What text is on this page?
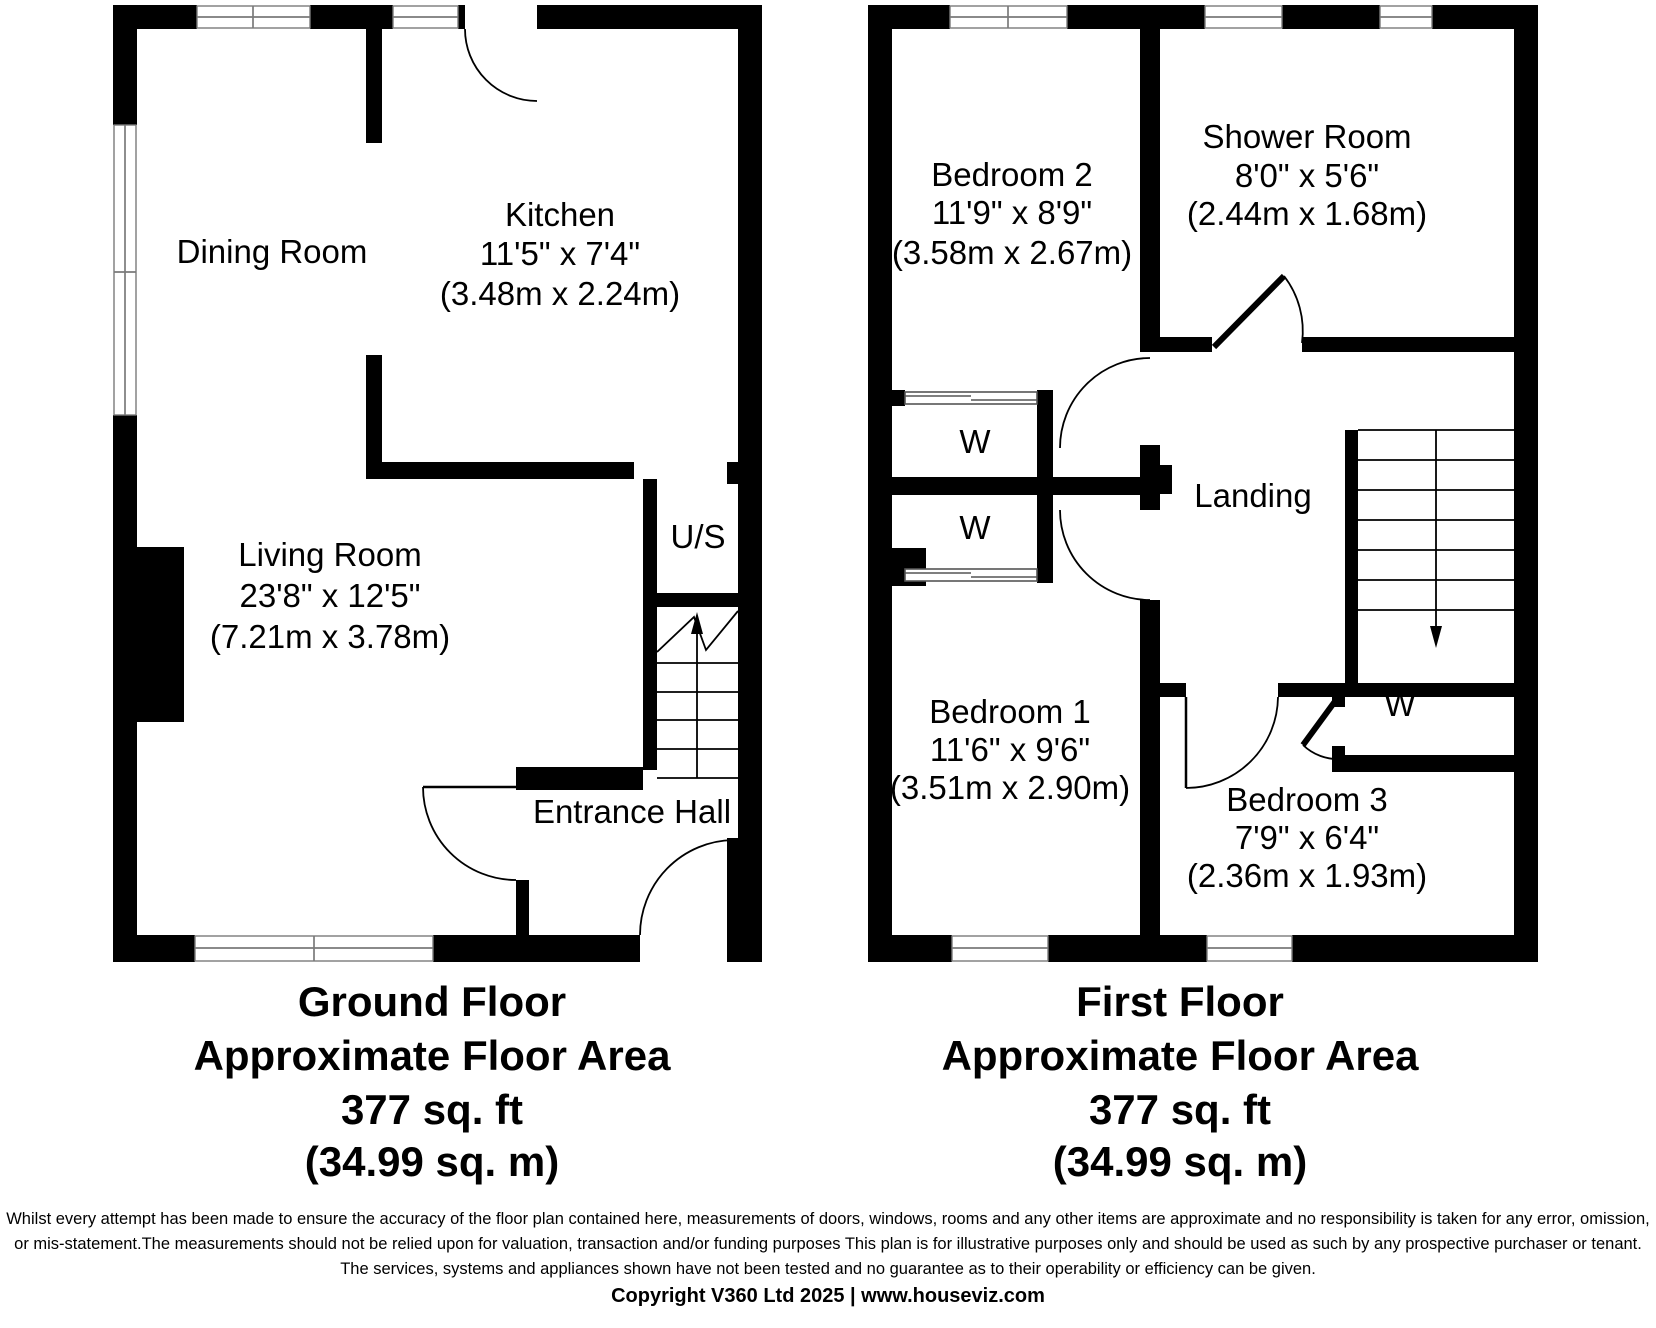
Dining Room
Kitchen
11'5" x 7'4"
(3.48m x 2.24m)
Living Room
23'8" x 12'5"
(7.21m x 3.78m)
U/S
Entrance Hall
Ground Floor
Approximate Floor Area
377 sq. ft
(34.99 sq. m)
Bedroom 2
11'9" x 8'9"
(3.58m x 2.67m)
Shower Room
8'0" x 5'6"
(2.44m x 1.68m)
W
W
Landing
Bedroom 1
11'6" x 9'6"
(3.51m x 2.90m)
W
Bedroom 3
7'9" x 6'4"
(2.36m x 1.93m)
First Floor
Approximate Floor Area
377 sq. ft
(34.99 sq. m)
Whilst every attempt has been made to ensure the accuracy of the floor plan contained here, measurements of doors, windows, rooms and any other items are approximate and no responsibility is taken for any error, omission,
or mis-statement.The measurements should not be relied upon for valuation, transaction and/or funding purposes This plan is for illustrative purposes only and should be used as such by any prospective purchaser or tenant.
The services, systems and appliances shown have not been tested and no guarantee as to their operability or efficiency can be given.
Copyright V360 Ltd 2025 | www.houseviz.com
